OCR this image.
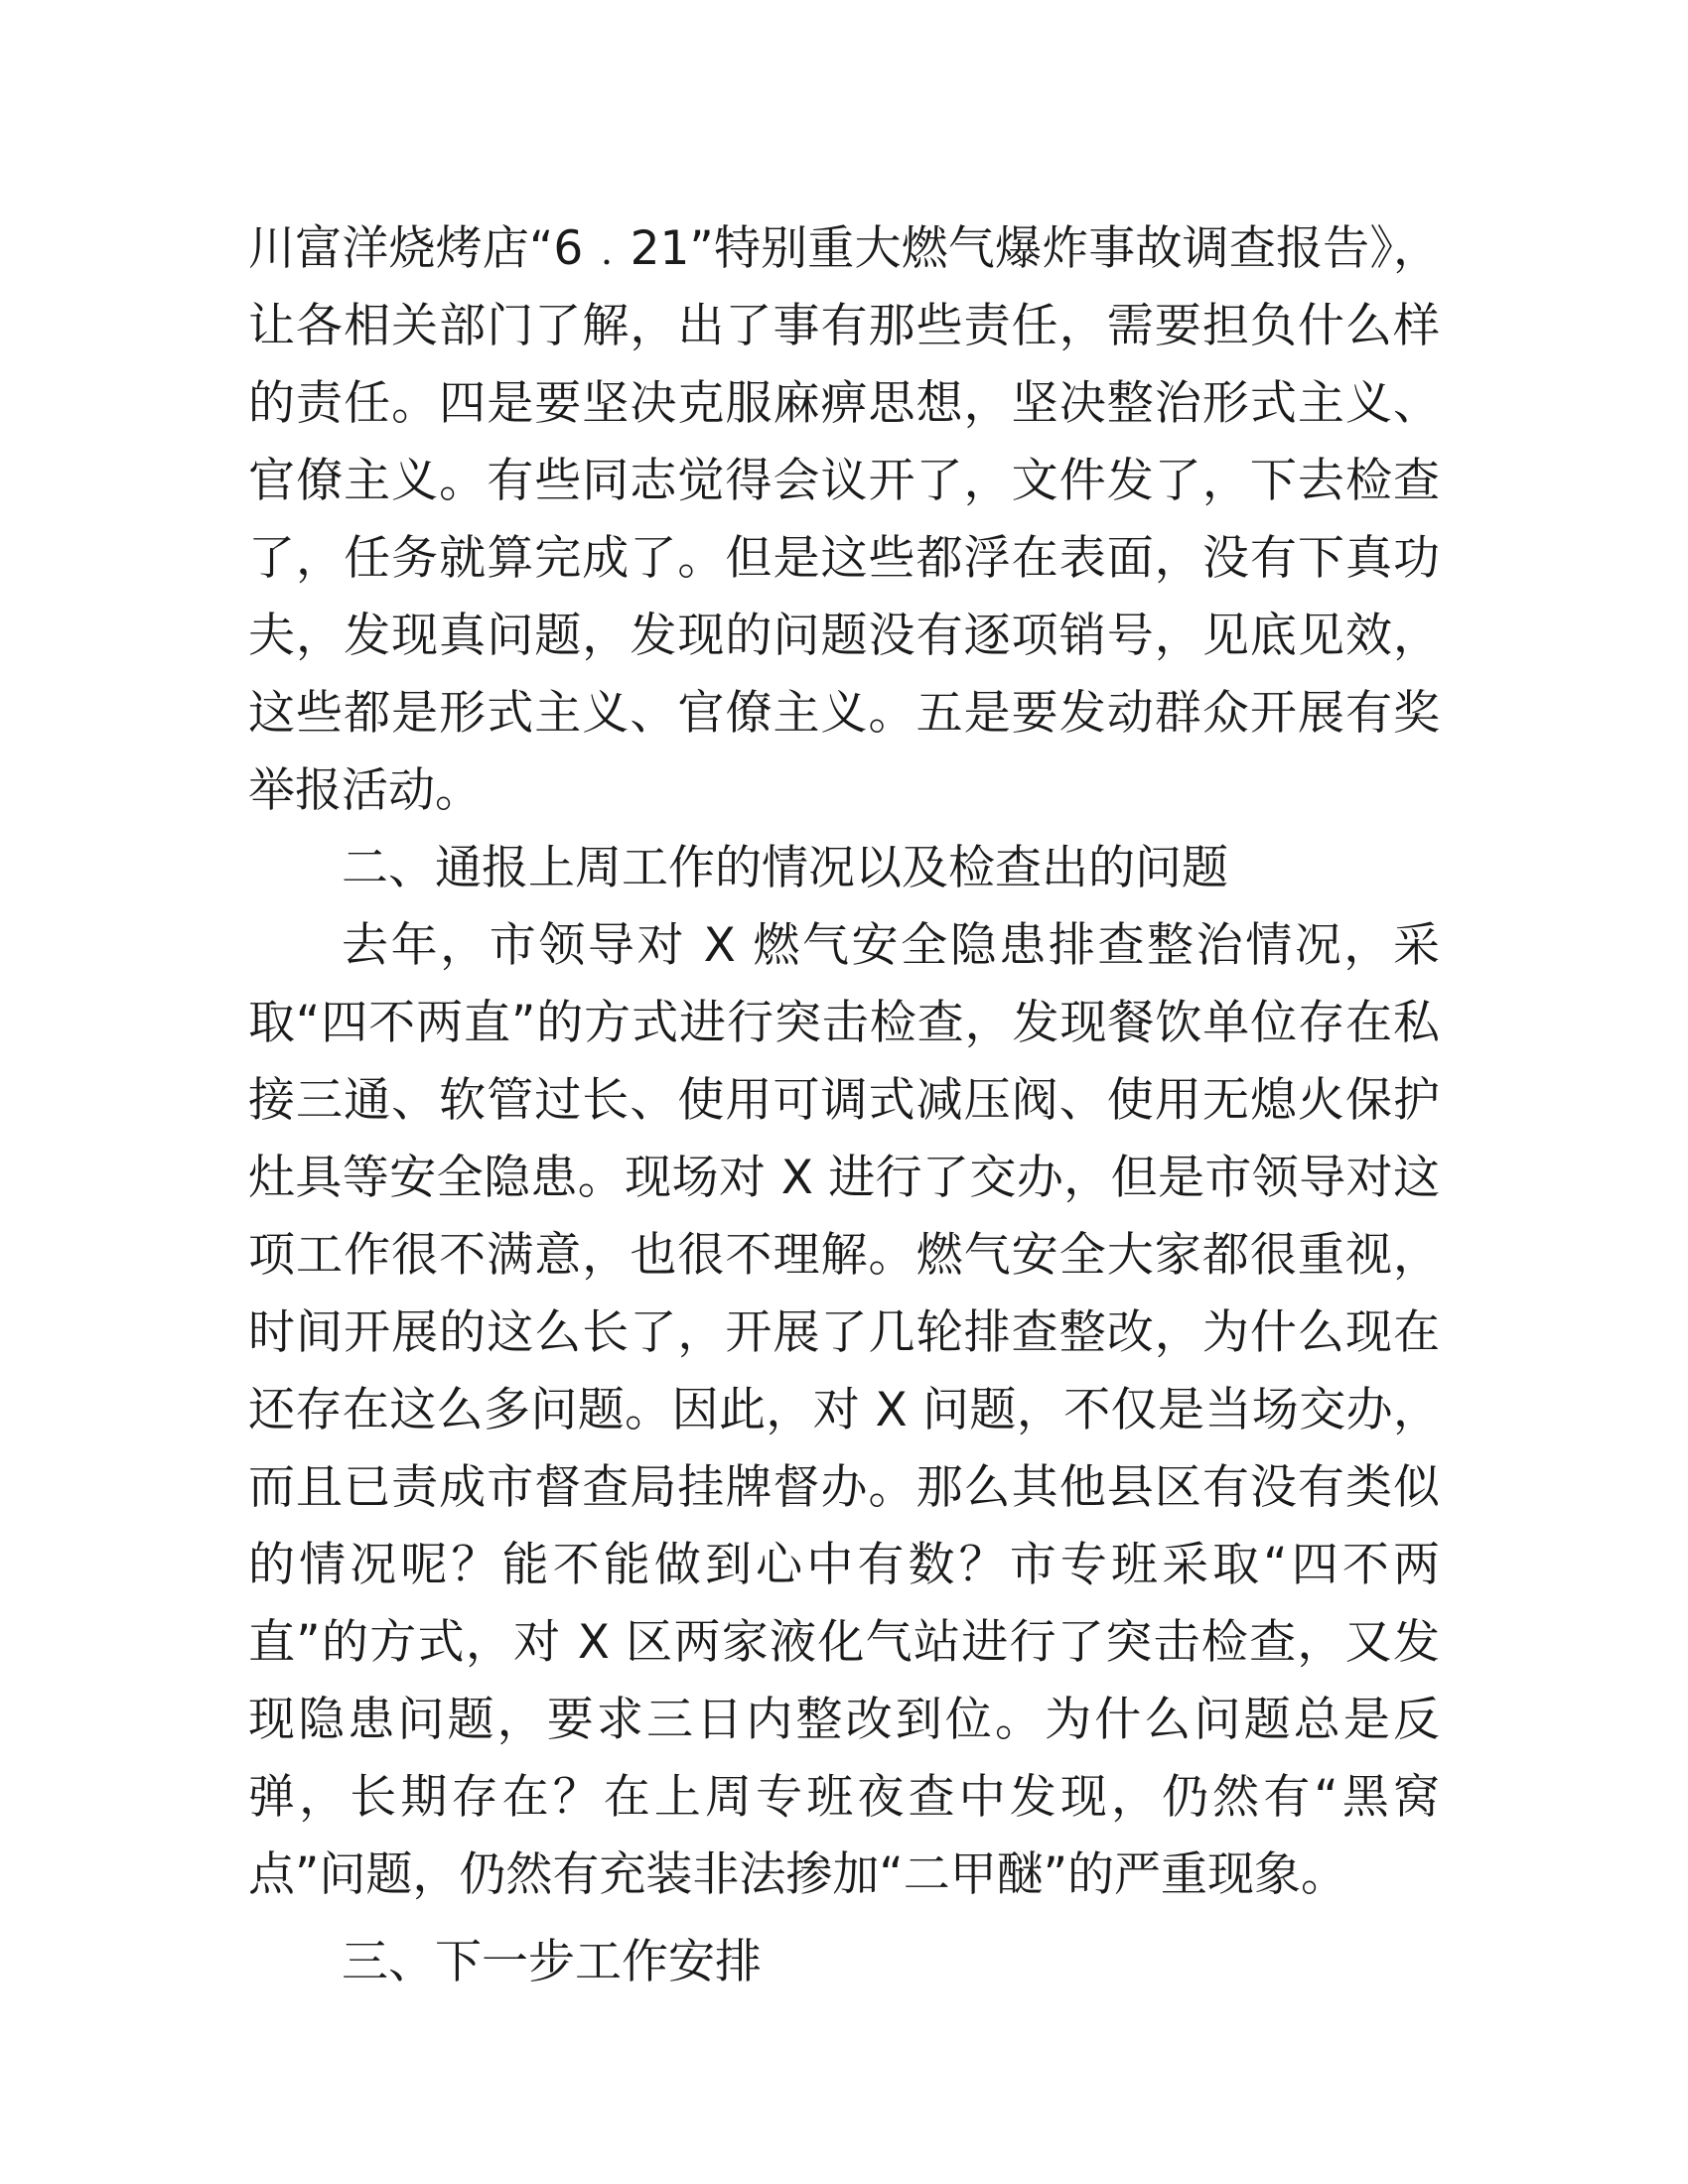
川富洋烧烤店“6﹒21”特别重大燃气爆炸事故调查报告》，让各相关部门了解，出了事有那些责任，需要担负什么样的责任。四是要坚决克服麻痹思想，坚决整治形式主义、官僚主义。有些同志觉得会议开了，文件发了，下去检查了，任务就算完成了。但是这些都浮在表面，没有下真功夫，发现真问题，发现的问题没有逐项销号，见底见效，这些都是形式主义、官僚主义。五是要发动群众开展有奖举报活动。

二、通报上周工作的情况以及检查出的问题

去年，市领导对 X 燃气安全隐患排查整治情况，采取“四不两直”的方式进行突击检查，发现餐饮单位存在私接三通、软管过长、使用可调式减压阀、使用无熄火保护灶具等安全隐患。现场对 X 进行了交办，但是市领导对这项工作很不满意，也很不理解。燃气安全大家都很重视，时间开展的这么长了，开展了几轮排查整改，为什么现在还存在这么多问题。因此，对 X 问题，不仅是当场交办，而且已责成市督查局挂牌督办。那么其他县区有没有类似的情况呢？能不能做到心中有数？市专班采取“四不两直”的方式，对 X 区两家液化气站进行了突击检查，又发现隐患问题，要求三日内整改到位。为什么问题总是反弹，长期存在？在上周专班夜查中发现，仍然有“黑窝点”问题，仍然有充装非法掺加“二甲醚”的严重现象。

三、下一步工作安排
